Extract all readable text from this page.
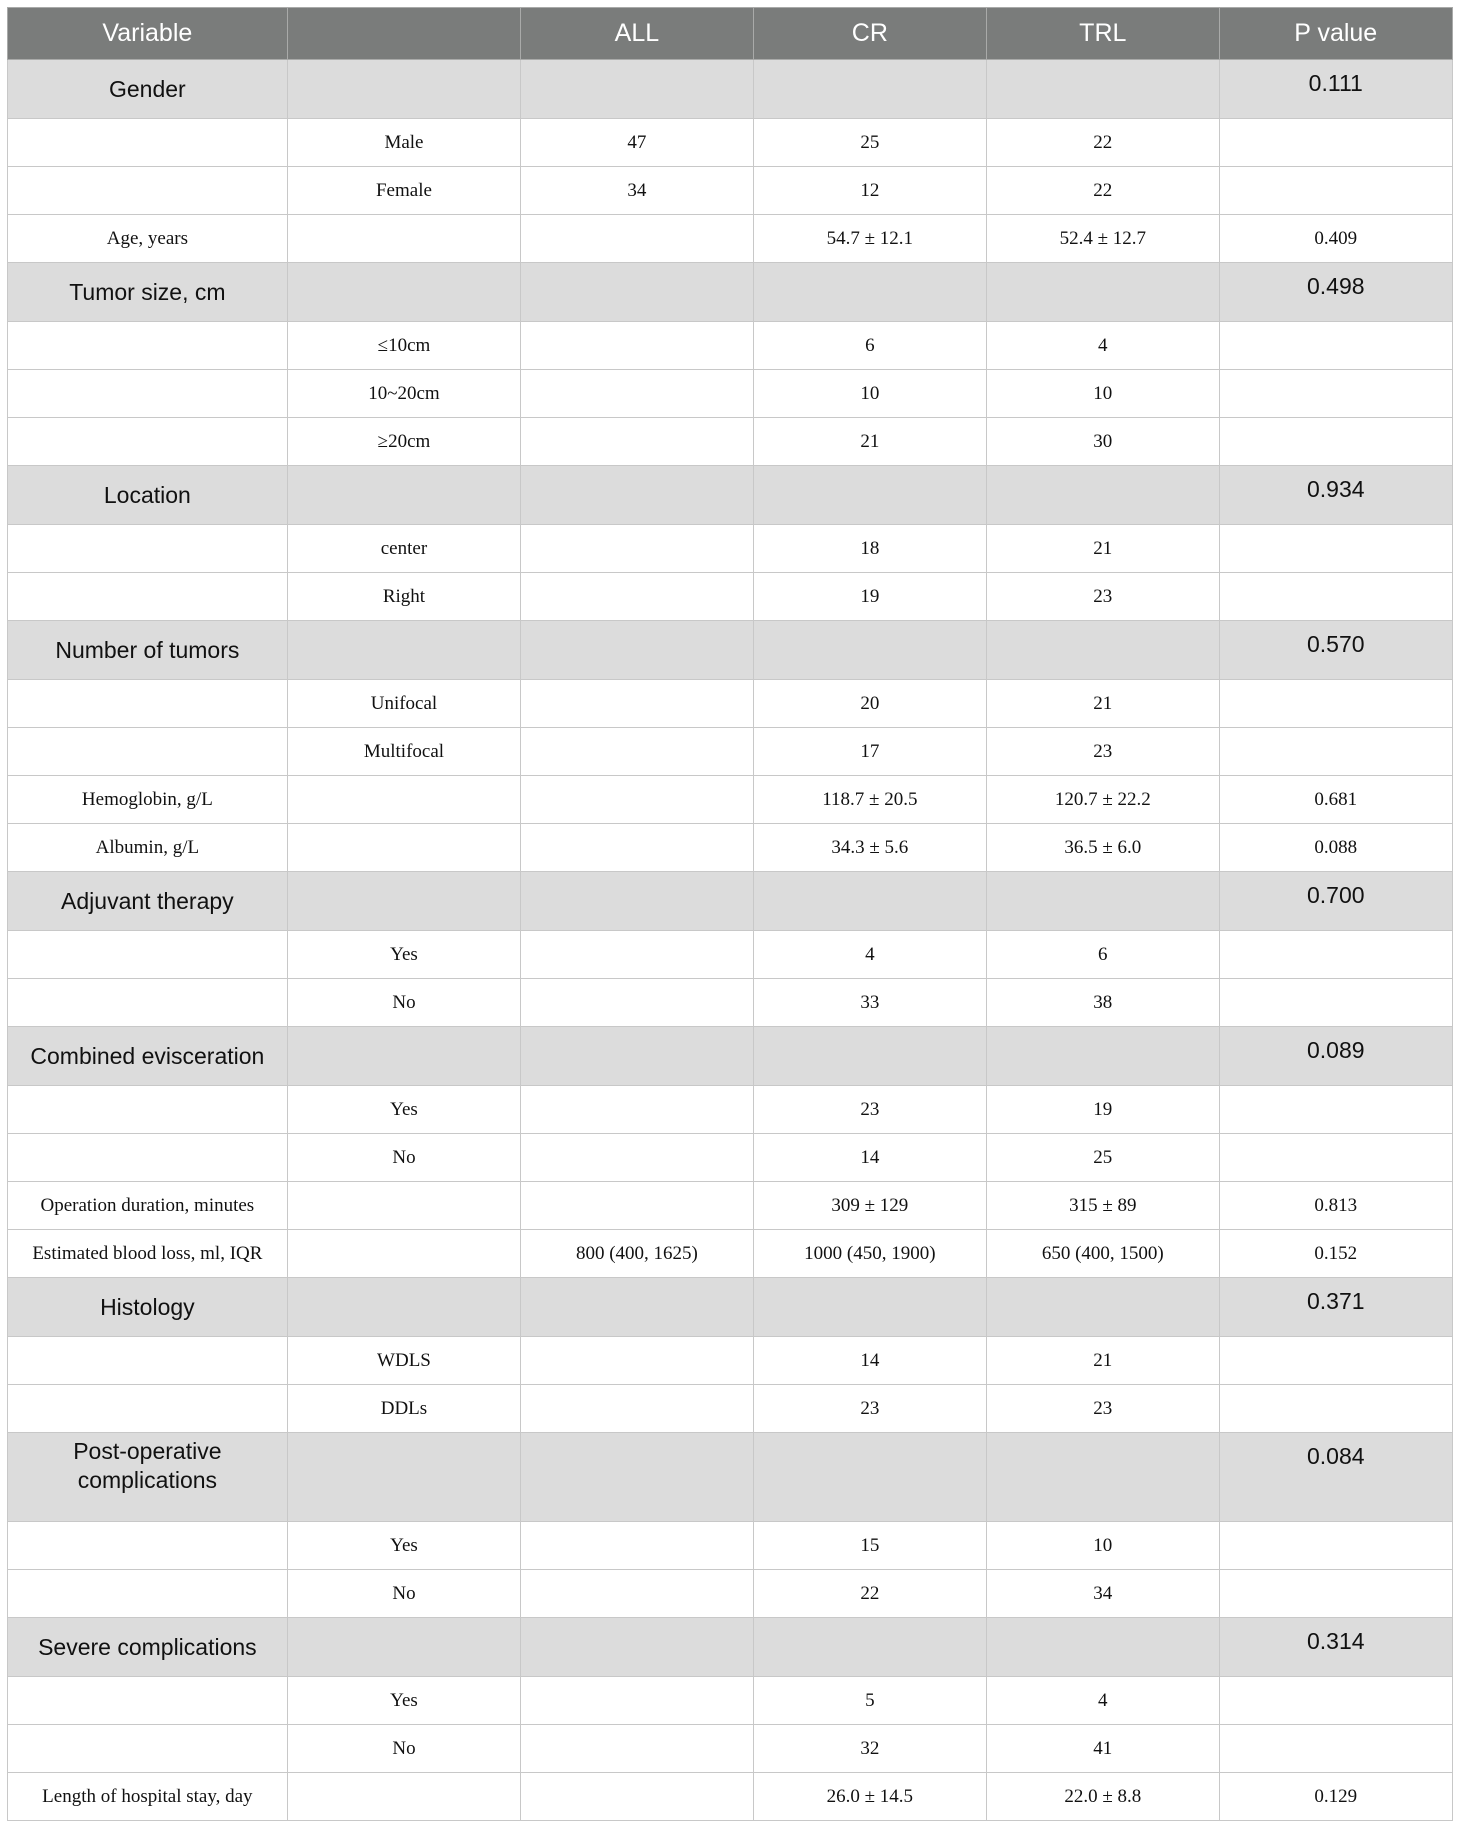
Variable		ALL	CR	TRL	P value
Gender					0.111
	Male	47	25	22	
	Female	34	12	22	
Age, years			54.7 ± 12.1	52.4 ± 12.7	0.409
Tumor size, cm					0.498
	≤10cm		6	4	
	10~20cm		10	10	
	≥20cm		21	30	
Location					0.934
	center		18	21	
	Right		19	23	
Number of tumors					0.570
	Unifocal		20	21	
	Multifocal		17	23	
Hemoglobin, g/L			118.7 ± 20.5	120.7 ± 22.2	0.681
Albumin, g/L			34.3 ± 5.6	36.5 ± 6.0	0.088
Adjuvant therapy					0.700
	Yes		4	6	
	No		33	38	
Combined evisceration					0.089
	Yes		23	19	
	No		14	25	
Operation duration, minutes			309 ± 129	315 ± 89	0.813
Estimated blood loss, ml, IQR		800 (400, 1625)	1000 (450, 1900)	650 (400, 1500)	0.152
Histology					0.371
	WDLS		14	21	
	DDLs		23	23	
Post-operative
complications					0.084
	Yes		15	10	
	No		22	34	
Severe complications					0.314
	Yes		5	4	
	No		32	41	
Length of hospital stay, day			26.0 ± 14.5	22.0 ± 8.8	0.129
